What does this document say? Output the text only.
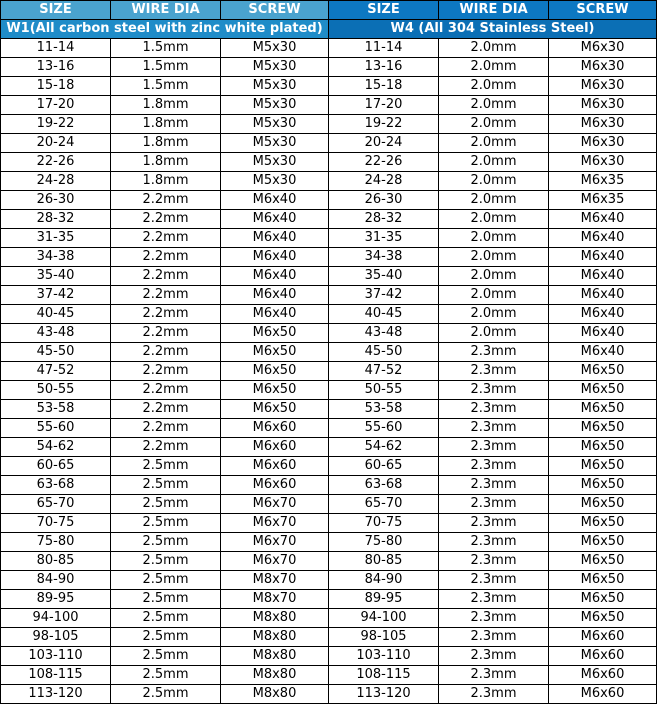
SIZE	WIRE DIA	SCREW	SIZE	WIRE DIA	SCREW
W1(All carbon steel with zinc white plated)			W4 (All 304 Stainless Steel)		
11-14	1.5mm	M5x30	11-14	2.0mm	M6x30
13-16	1.5mm	M5x30	13-16	2.0mm	M6x30
15-18	1.5mm	M5x30	15-18	2.0mm	M6x30
17-20	1.8mm	M5x30	17-20	2.0mm	M6x30
19-22	1.8mm	M5x30	19-22	2.0mm	M6x30
20-24	1.8mm	M5x30	20-24	2.0mm	M6x30
22-26	1.8mm	M5x30	22-26	2.0mm	M6x30
24-28	1.8mm	M5x30	24-28	2.0mm	M6x35
26-30	2.2mm	M6x40	26-30	2.0mm	M6x35
28-32	2.2mm	M6x40	28-32	2.0mm	M6x40
31-35	2.2mm	M6x40	31-35	2.0mm	M6x40
34-38	2.2mm	M6x40	34-38	2.0mm	M6x40
35-40	2.2mm	M6x40	35-40	2.0mm	M6x40
37-42	2.2mm	M6x40	37-42	2.0mm	M6x40
40-45	2.2mm	M6x40	40-45	2.0mm	M6x40
43-48	2.2mm	M6x50	43-48	2.0mm	M6x40
45-50	2.2mm	M6x50	45-50	2.3mm	M6x40
47-52	2.2mm	M6x50	47-52	2.3mm	M6x50
50-55	2.2mm	M6x50	50-55	2.3mm	M6x50
53-58	2.2mm	M6x50	53-58	2.3mm	M6x50
55-60	2.2mm	M6x60	55-60	2.3mm	M6x50
54-62	2.2mm	M6x60	54-62	2.3mm	M6x50
60-65	2.5mm	M6x60	60-65	2.3mm	M6x50
63-68	2.5mm	M6x60	63-68	2.3mm	M6x50
65-70	2.5mm	M6x70	65-70	2.3mm	M6x50
70-75	2.5mm	M6x70	70-75	2.3mm	M6x50
75-80	2.5mm	M6x70	75-80	2.3mm	M6x50
80-85	2.5mm	M6x70	80-85	2.3mm	M6x50
84-90	2.5mm	M8x70	84-90	2.3mm	M6x50
89-95	2.5mm	M8x70	89-95	2.3mm	M6x50
94-100	2.5mm	M8x80	94-100	2.3mm	M6x50
98-105	2.5mm	M8x80	98-105	2.3mm	M6x60
103-110	2.5mm	M8x80	103-110	2.3mm	M6x60
108-115	2.5mm	M8x80	108-115	2.3mm	M6x60
113-120	2.5mm	M8x80	113-120	2.3mm	M6x60
